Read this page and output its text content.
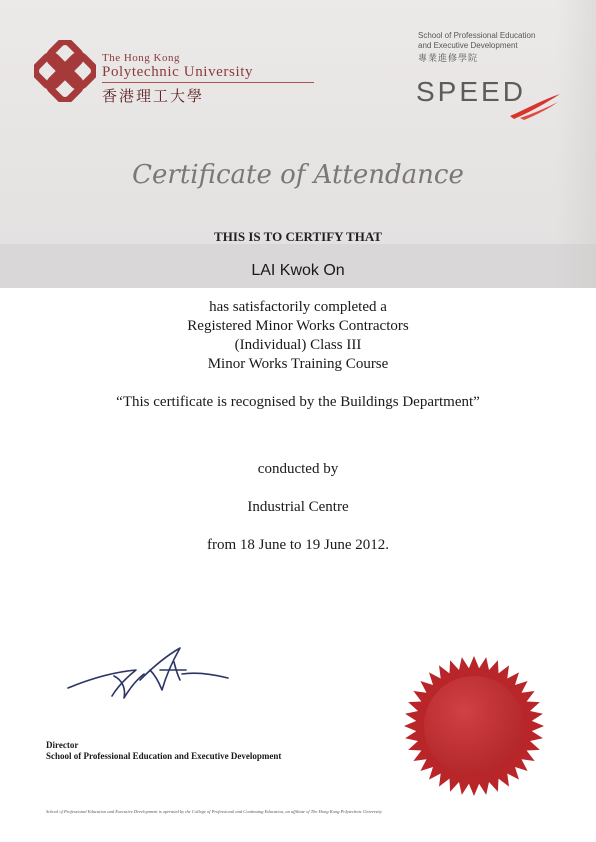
The Hong Kong
Polytechnic University
香港理工大學
School of Professional Education
and Executive Development
專業進修學院
SPEED
Certificate of Attendance
THIS IS TO CERTIFY THAT
LAI Kwok On
has satisfactorily completed a
Registered Minor Works Contractors
(Individual) Class III
Minor Works Training Course
“This certificate is recognised by the Buildings Department”
conducted by
Industrial Centre
from 18 June to 19 June 2012.
Director
School of Professional Education and Executive Development
School of Professional Education and Executive Development is operated by the College of Professional and Continuing Education, an affiliate of The Hong Kong Polytechnic University
